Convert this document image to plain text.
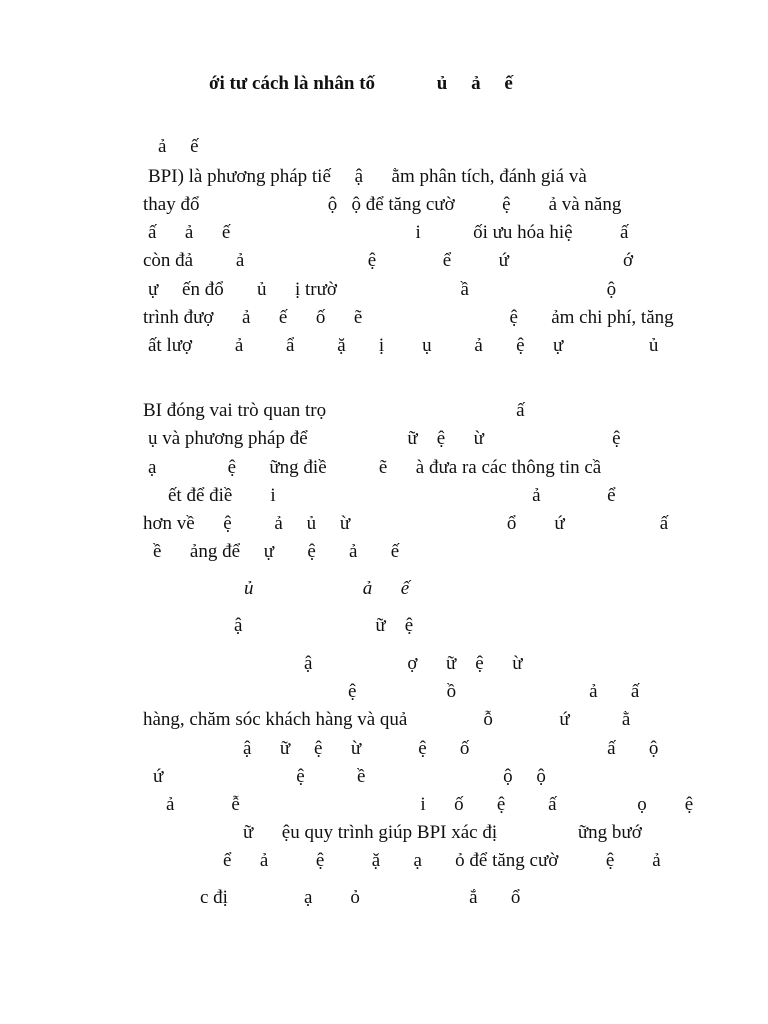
ới tư cách là nhân tố             ủ     ả     ế
ả     ế
BPI) là phương pháp tiế     ậ      ằm phân tích, đánh giá và
thay đổ                           ộ   ộ để tăng cườ          ệ        ả và năng
ấ      ả      ế                                       i           ối ưu hóa hiệ          ấ
còn đả         ả                          ệ              ể          ứ                        ớ
ự     ến đổ       ủ      ị trườ                          ầ                             ộ
trình đượ      ả      ế      ố      ẽ                               ệ       ảm chi phí, tăng
ất lượ         ả         ẩ         ặ       ị        ụ         ả       ệ      ự                  ủ
BI đóng vai trò quan trọ                                        ấ
ụ và phương pháp để                     ữ    ệ      ừ                           ệ
ạ               ệ       ững điề           ẽ      à đưa ra các thông tin cầ
ết để điề        i                                                      ả              ể
hơn về      ệ         ả     ủ     ừ                                 ổ        ứ                    ấ
ề      ảng để     ự       ệ       ả       ế
ủ                       ả      ế
ậ                            ữ    ệ
ậ                    ợ      ữ    ệ      ừ
ệ                   ồ                            ả       ấ
hàng, chăm sóc khách hàng và quả                ỗ              ứ           ằ
ậ      ữ     ệ      ừ            ệ       ố                             ấ       ộ
ứ                            ệ           ề                             ộ     ộ
ả            ễ                                      i      ố       ệ         ấ                 ọ        ệ
ữ      ệu quy trình giúp BPI xác đị                 ững bướ
ể      ả          ệ          ặ       ạ       ỏ để tăng cườ          ệ        ả
c đị                ạ        ỏ                       ắ       ổ
